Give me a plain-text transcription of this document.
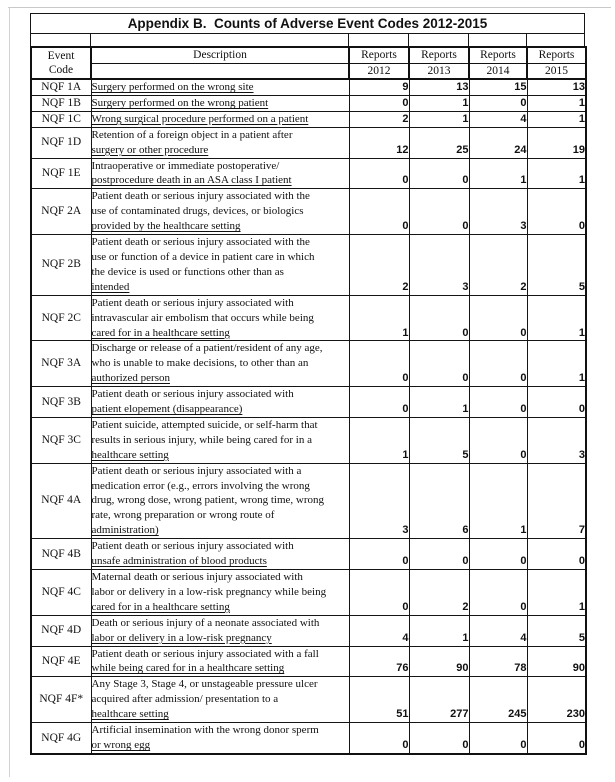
Appendix B.  Counts of Adverse Event Codes 2012-2015
Event
Code	Description	Reports	Reports	Reports	Reports
		2012	2013	2014	2015
NQF 1A	Surgery performed on the wrong site	9	13	15	13
NQF 1B	Surgery performed on the wrong patient	0	1	0	1
NQF 1C	Wrong surgical procedure performed on a patient	2	1	4	1
NQF 1D	Retention of a foreign object in a patient after
surgery or other procedure	12	25	24	19
NQF 1E	Intraoperative or immediate postoperative/
postprocedure death in an ASA class I patient	0	0	1	1
NQF 2A	Patient death or serious injury associated with the
use of contaminated drugs, devices, or biologics
provided by the healthcare setting	0	0	3	0
NQF 2B	Patient death or serious injury associated with the
use or function of a device in patient care in which
the device is used or functions other than as
intended	2	3	2	5
NQF 2C	Patient death or serious injury associated with
intravascular air embolism that occurs while being
cared for in a healthcare setting	1	0	0	1
NQF 3A	Discharge or release of a patient/resident of any age,
who is unable to make decisions, to other than an
authorized person	0	0	0	1
NQF 3B	Patient death or serious injury associated with
patient elopement (disappearance)	0	1	0	0
NQF 3C	Patient suicide, attempted suicide, or self-harm that
results in serious injury, while being cared for in a
healthcare setting	1	5	0	3
NQF 4A	Patient death or serious injury associated with a
medication error (e.g., errors involving the wrong
drug, wrong dose, wrong patient, wrong time, wrong
rate, wrong preparation or wrong route of
administration)	3	6	1	7
NQF 4B	Patient death or serious injury associated with
unsafe administration of blood products	0	0	0	0
NQF 4C	Maternal death or serious injury associated with
labor or delivery in a low-risk pregnancy while being
cared for in a healthcare setting	0	2	0	1
NQF 4D	Death or serious injury of a neonate associated with
labor or delivery in a low-risk pregnancy	4	1	4	5
NQF 4E	Patient death or serious injury associated with a fall
while being cared for in a healthcare setting	76	90	78	90
NQF 4F*	Any Stage 3, Stage 4, or unstageable pressure ulcer
acquired after admission/ presentation to a
healthcare setting	51	277	245	230
NQF 4G	Artificial insemination with the wrong donor sperm
or wrong egg	0	0	0	0
